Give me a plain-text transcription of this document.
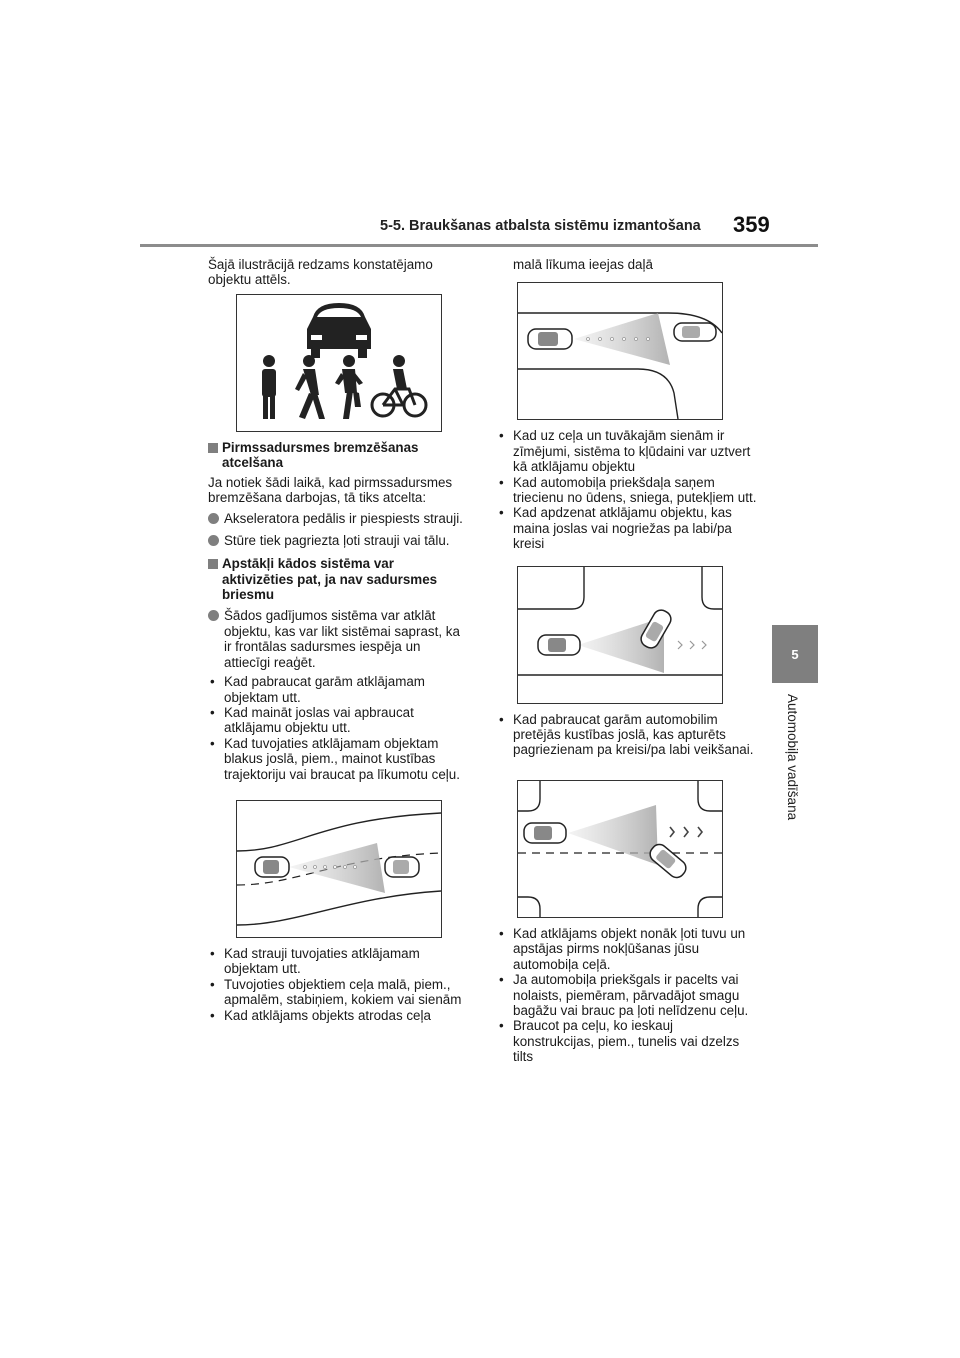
5-5. Braukšanas atbalsta sistēmu izmantošana 359
5
Automobiļa vadīšana

Šajā ilustrācijā redzams konstatējamo objektu attēls.

Pirmssadursmes bremzēšanas atcelšana

Ja notiek šādi laikā, kad pirmssadursmes bremzēšana darbojas, tā tiks atcelta:

Akseleratora pedālis ir piespiests strauji.
Stūre tiek pagriezta ļoti strauji vai tālu.
Apstākļi kādos sistēma var aktivizēties pat, ja nav sadursmes briesmu
Šādos gadījumos sistēma var atklāt objektu, kas var likt sistēmai saprast, ka ir frontālas sadursmes iespēja un attiecīgi reaģēt.
• Kad pabraucat garām atklājamam objektam utt.
• Kad maināt joslas vai apbraucat atklājamu objektu utt.
• Kad tuvojaties atklājamam objektam blakus joslā, piem., mainot kustības trajektoriju vai braucat pa līkumotu ceļu.
• Kad strauji tuvojaties atklājamam objektam utt.
• Tuvojoties objektiem ceļa malā, piem., apmalēm, stabiņiem, kokiem vai sienām
• Kad atklājams objekts atrodas ceļa

malā līkuma ieejas daļā

• Kad uz ceļa un tuvākajām sienām ir zīmējumi, sistēma to kļūdaini var uztvert kā atklājamu objektu
• Kad automobiļa priekšdaļa saņem triecienu no ūdens, sniega, putekļiem utt.
• Kad apdzenat atklājamu objektu, kas maina joslas vai nogriežas pa labi/pa kreisi
• Kad pabraucat garām automobilim pretējās kustības joslā, kas apturēts pagriezienam pa kreisi/pa labi veikšanai.
• Kad atklājams objekt nonāk ļoti tuvu un apstājas pirms nokļūšanas jūsu automobiļa ceļā.
• Ja automobiļa priekšgals ir pacelts vai nolaists, piemēram, pārvadājot smagu bagāžu vai brauc pa ļoti nelīdzenu ceļu.
• Braucot pa ceļu, ko ieskauj konstrukcijas, piem., tunelis vai dzelzs tilts
